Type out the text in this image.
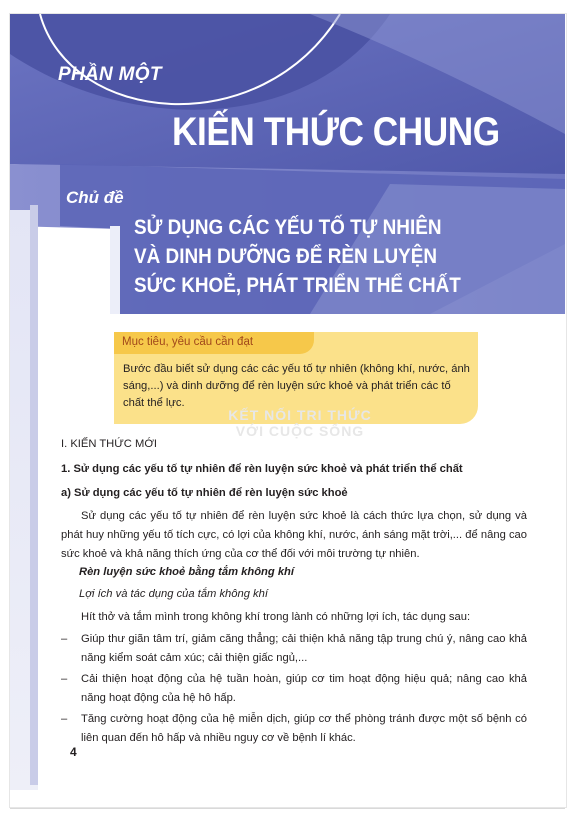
PHẦN MỘT
KIẾN THỨC CHUNG
Chủ đề
SỬ DỤNG CÁC YẾU TỐ TỰ NHIÊN
VÀ DINH DƯỠNG ĐỂ RÈN LUYỆN
SỨC KHOẺ, PHÁT TRIỂN THỂ CHẤT
Mục tiêu, yêu cầu cần đạt
Bước đầu biết sử dụng các các yếu tố tự nhiên (không khí, nước, ánh sáng,...) và dinh dưỡng để rèn luyện sức khoẻ và phát triển các tố chất thể lực.
KẾT NỐI TRI THỨC
VỚI CUỘC SỐNG
I. KIẾN THỨC MỚI
1. Sử dụng các yếu tố tự nhiên để rèn luyện sức khoẻ và phát triển thể chất
a) Sử dụng các yếu tố tự nhiên để rèn luyện sức khoẻ
Sử dụng các yếu tố tự nhiên để rèn luyện sức khoẻ là cách thức lựa chọn, sử dụng và phát huy những yếu tố tích cực, có lợi của không khí, nước, ánh sáng mặt trời,... để nâng cao sức khoẻ và khả năng thích ứng của cơ thể đối với môi trường tự nhiên.
Rèn luyện sức khoẻ bằng tắm không khí
Lợi ích và tác dụng của tắm không khí
Hít thở và tắm mình trong không khí trong lành có những lợi ích, tác dụng sau:
–	Giúp thư giãn tâm trí, giảm căng thẳng; cải thiện khả năng tập trung chú ý, nâng cao khả năng kiểm soát cảm xúc; cải thiện giấc ngủ,...
–	Cải thiện hoạt động của hệ tuần hoàn, giúp cơ tim hoạt động hiệu quả; nâng cao khả năng hoạt động của hệ hô hấp.
–	Tăng cường hoạt động của hệ miễn dịch, giúp cơ thể phòng tránh được một số bệnh có liên quan đến hô hấp và nhiều nguy cơ về bệnh lí khác.
4
